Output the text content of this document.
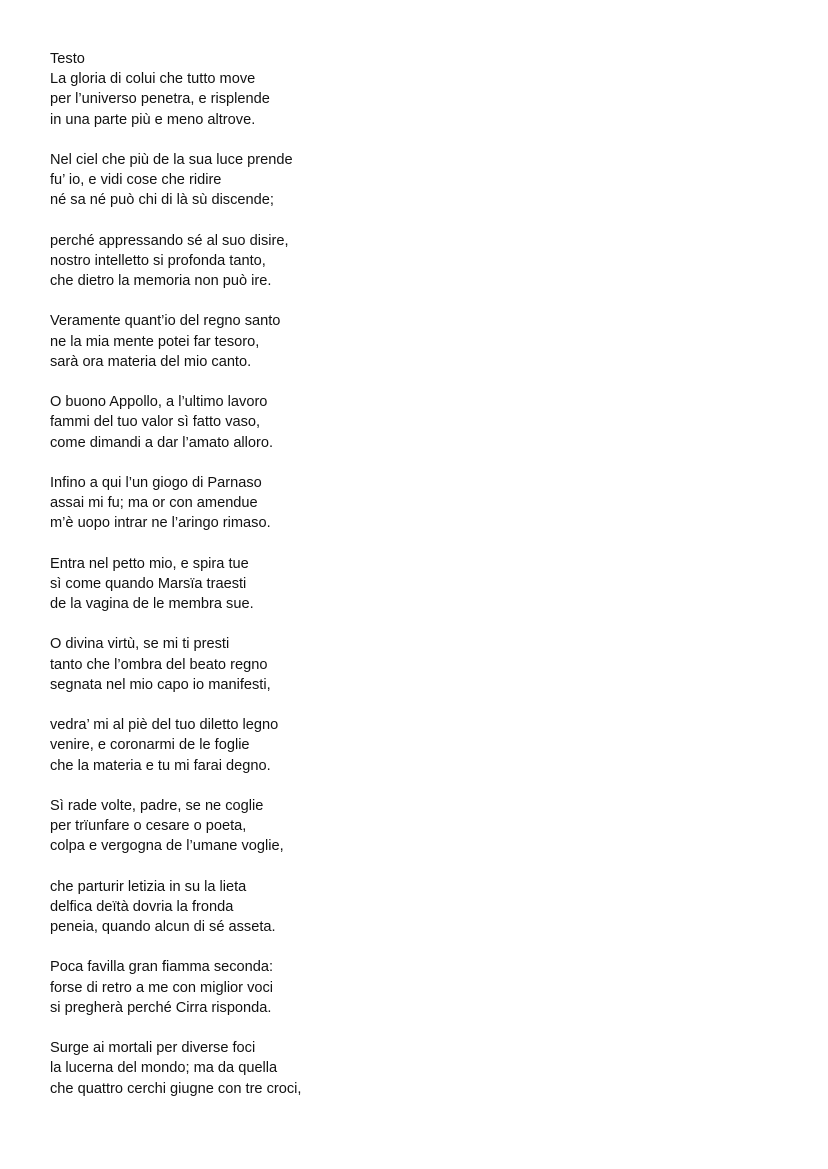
Testo
La gloria di colui che tutto move
per l’universo penetra, e risplende
in una parte più e meno altrove.
Nel ciel che più de la sua luce prende
fu’ io, e vidi cose che ridire
né sa né può chi di là sù discende;
perché appressando sé al suo disire,
nostro intelletto si profonda tanto,
che dietro la memoria non può ire.
Veramente quant’io del regno santo
ne la mia mente potei far tesoro,
sarà ora materia del mio canto.
O buono Appollo, a l’ultimo lavoro
fammi del tuo valor sì fatto vaso,
come dimandi a dar l’amato alloro.
Infino a qui l’un giogo di Parnaso
assai mi fu; ma or con amendue
m’è uopo intrar ne l’aringo rimaso.
Entra nel petto mio, e spira tue
sì come quando Marsïa traesti
de la vagina de le membra sue.
O divina virtù, se mi ti presti
tanto che l’ombra del beato regno
segnata nel mio capo io manifesti,
vedra’ mi al piè del tuo diletto legno
venire, e coronarmi de le foglie
che la materia e tu mi farai degno.
Sì rade volte, padre, se ne coglie
per trïunfare o cesare o poeta,
colpa e vergogna de l’umane voglie,
che parturir letizia in su la lieta
delfica deïtà dovria la fronda
peneia, quando alcun di sé asseta.
Poca favilla gran fiamma seconda:
forse di retro a me con miglior voci
si pregherà perché Cirra risponda.
Surge ai mortali per diverse foci
la lucerna del mondo; ma da quella
che quattro cerchi giugne con tre croci,
